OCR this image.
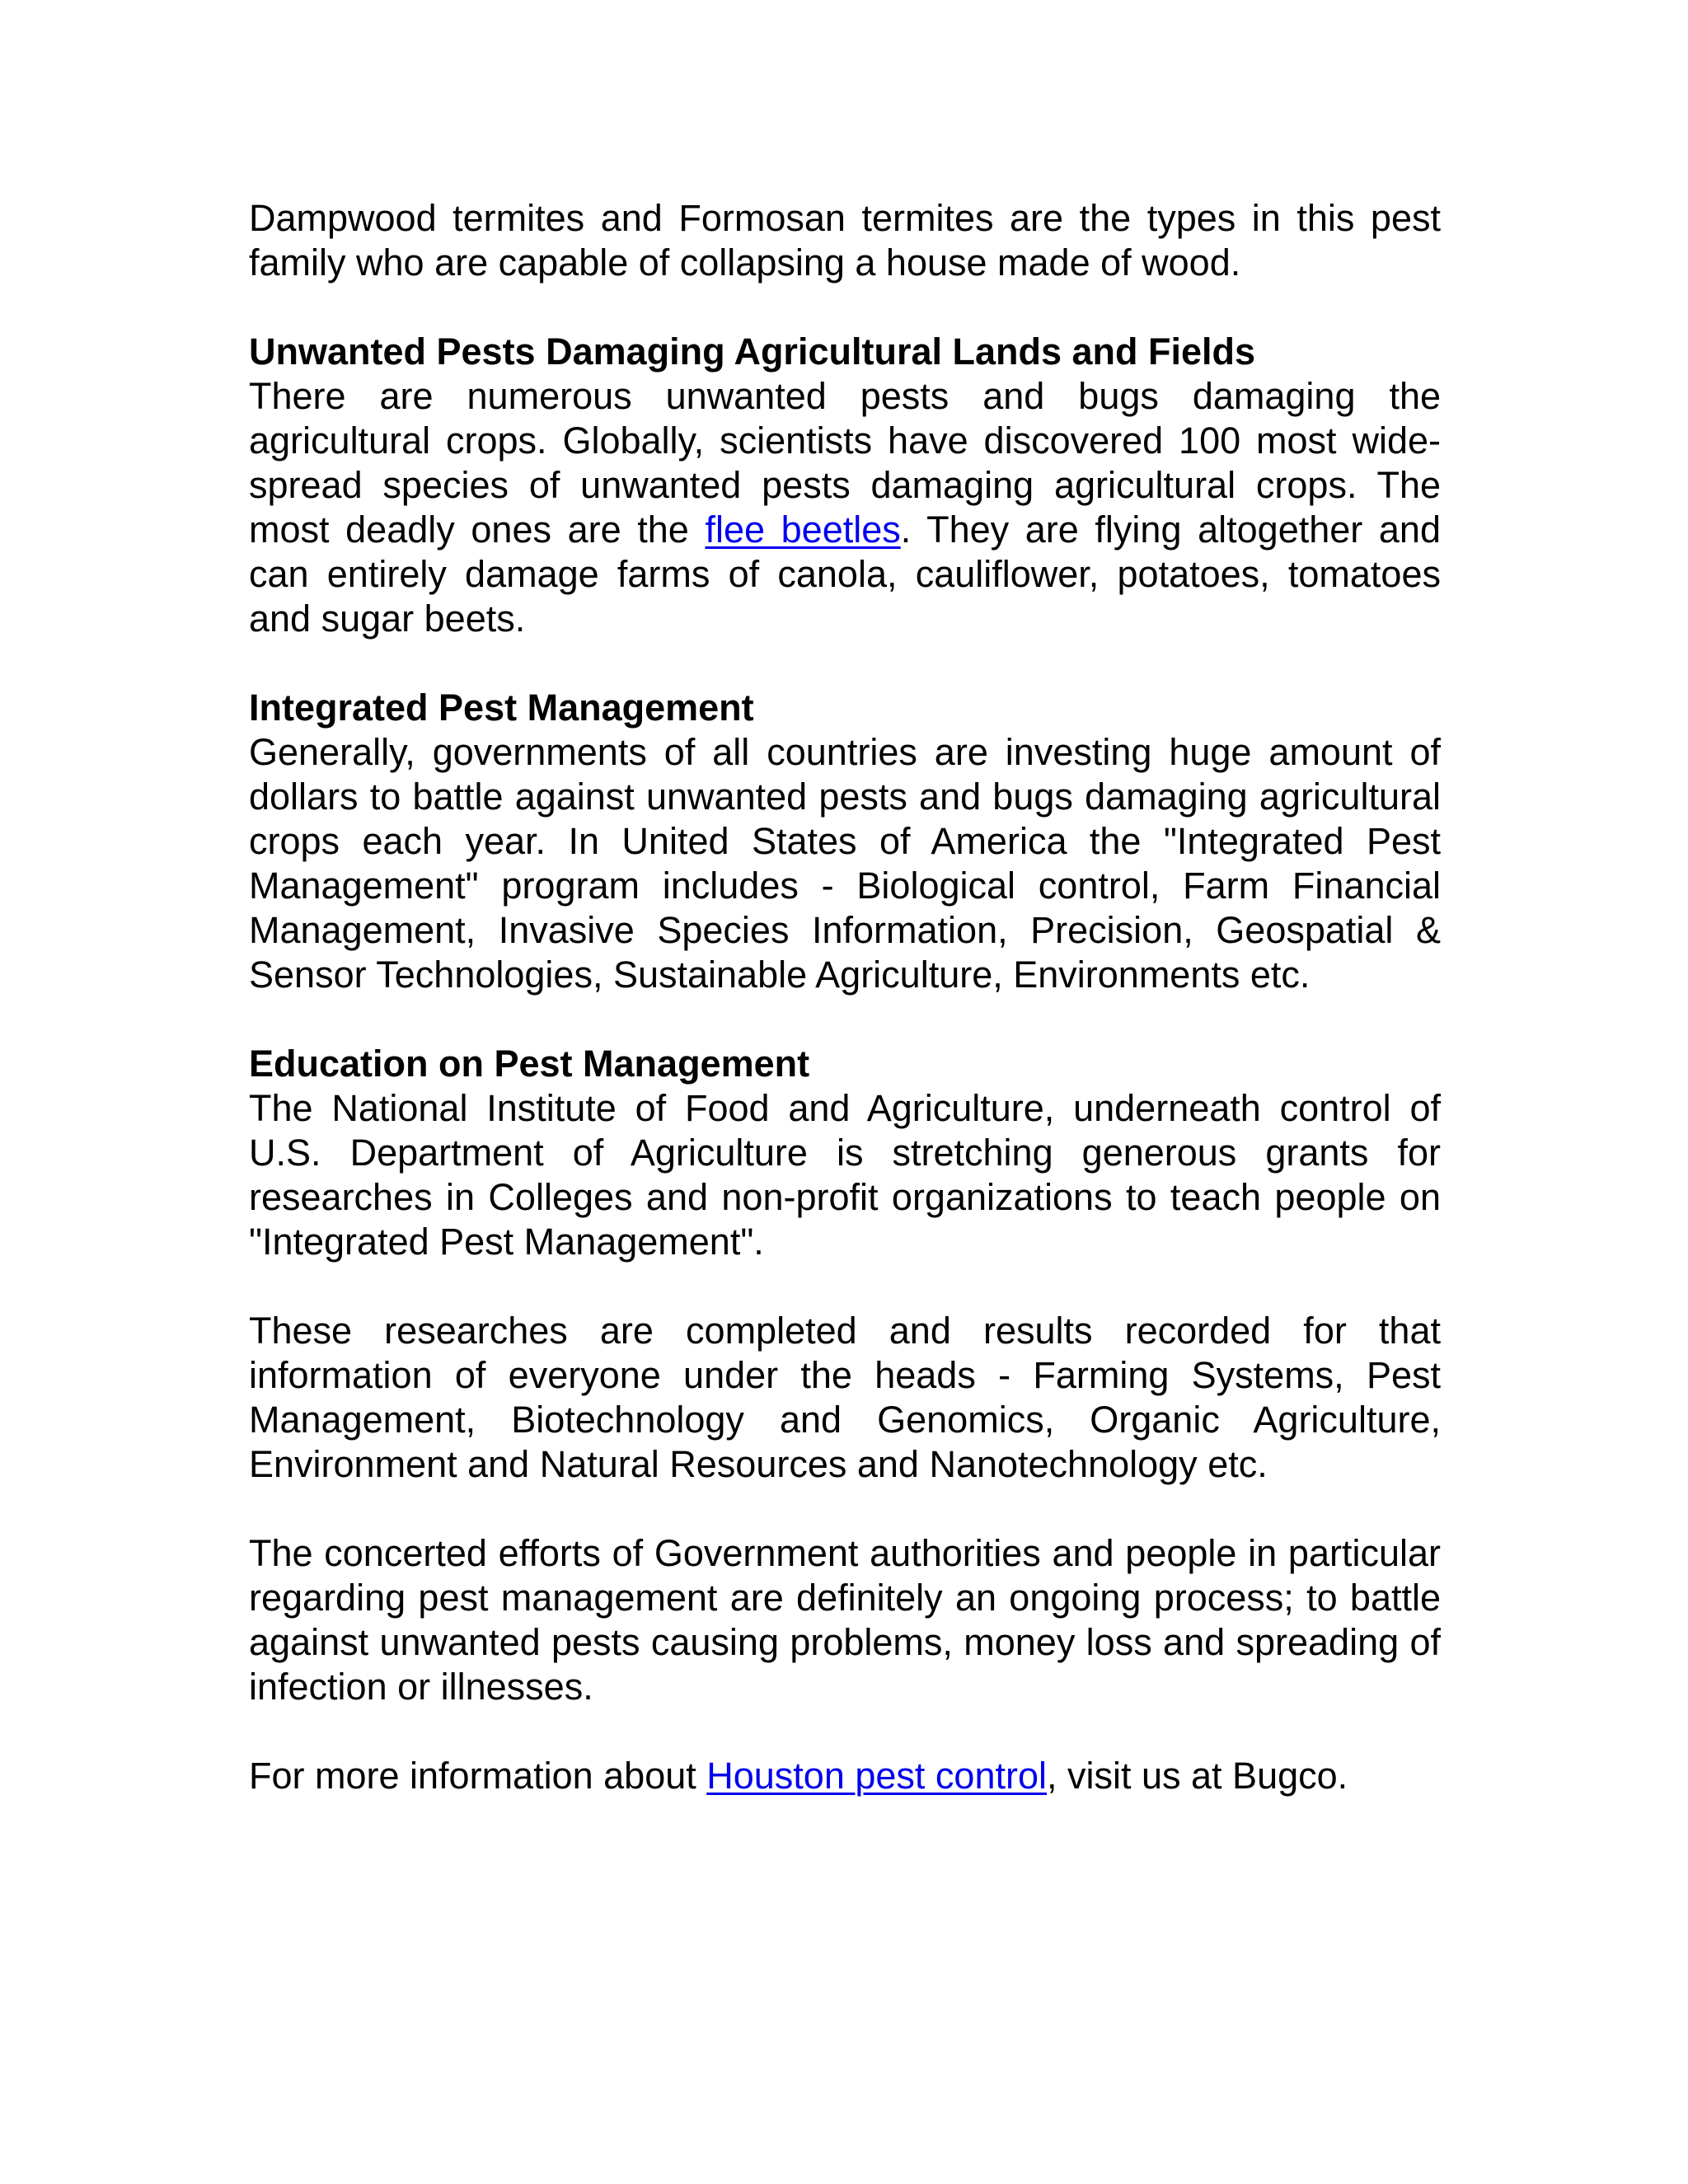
Dampwood termites and Formosan termites are the types in this pest family who are capable of collapsing a house made of wood.

Unwanted Pests Damaging Agricultural Lands and Fields
There are numerous unwanted pests and bugs damaging the agricultural crops. Globally, scientists have discovered 100 most wide-spread species of unwanted pests damaging agricultural crops. The most deadly ones are the flee beetles. They are flying altogether and can entirely damage farms of canola, cauliflower, potatoes, tomatoes and sugar beets.
Integrated Pest Management
Generally, governments of all countries are investing huge amount of dollars to battle against unwanted pests and bugs damaging agricultural crops each year. In United States of America the "Integrated Pest Management" program includes - Biological control, Farm Financial Management, Invasive Species Information, Precision, Geospatial & Sensor Technologies, Sustainable Agriculture, Environments etc.
Education on Pest Management
The National Institute of Food and Agriculture, underneath control of U.S. Department of Agriculture is stretching generous grants for researches in Colleges and non-profit organizations to teach people on "Integrated Pest Management".

These researches are completed and results recorded for that information of everyone under the heads - Farming Systems, Pest Management, Biotechnology and Genomics, Organic Agriculture, Environment and Natural Resources and Nanotechnology etc.

The concerted efforts of Government authorities and people in particular regarding pest management are definitely an ongoing process; to battle against unwanted pests causing problems, money loss and spreading of infection or illnesses.

For more information about Houston pest control, visit us at Bugco.
